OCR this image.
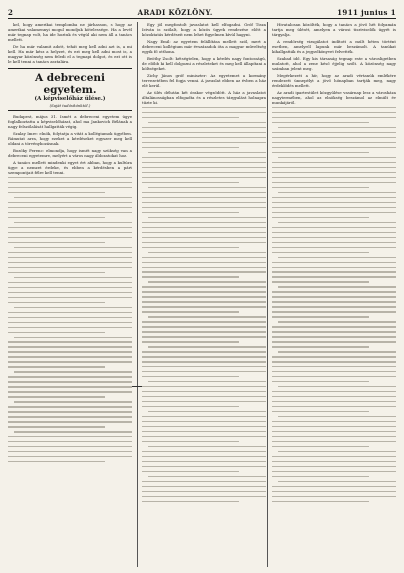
2	ARADI KÖZLÖNY.	1911 junius 1

kel, hogy amerikai templomba ne járhasson, s hogy az amerikai valamennyi mogul mondjuk kötelessége. Ha a levél már tegnap volt, ha ide hoztuk és végül aki nem áll a tanács mellett.

De ha már valamit adott, tehát meg kell adni azt is, a mi kell. Ha már kész a helyzet, és ezt meg kell adni most is, a magyar közönség nem feledi el a tegnapi dolgot, és ezt ott is le kell tenni a tanács asztalára.

A debreceni egyetem.
(A képviselőház ülése.)
(Saját tudósítónktól.)

Budapest, május 31. Ismét a debreceni egyetem ügye foglalkoztatta a képviselőházat, ahol ma Jankovich Bélának a nagy felszólalását hallgatták végig.

Szalay Imre: elnök, folytatja a vitát a kollégiumok ügyében. Rámutat arra, hogy ezeket a kérdéseket egyszer meg kell oldani a törvényhozásnak.

Bozóky Ferenc: elmondja, hogy ismét nagy szükség van a debreceni egyetemre, melyért a város nagy áldozatokat hoz.

A tanács mellett mindenki egyet ért abban, hogy a kultúra ügye a nemzet érdeke, és ebben a kérdésben a párt szempontjait félre kell tenni.

Egy jól megfontolt javaslatot kell elfogadni. Gróf Tisza István is szólalt, hogy a közös ügyek rendezése előtt a közoktatás kérdéseit nem lehet figyelmen kívül hagyni.

Nagy Emil: az egyetem felállítása mellett szól, mert a debreceni kollégium már évszázadok óta a magyar műveltség egyik fő otthona.

Beöthy Zsolt: kétségtelen, hogy a kérdés nagy fontosságú, de előbb ki kell dolgozni a részleteket és meg kell állapítani a költségeket.

Zichy János gróf miniszter: Az egyetemet a kormány tervezetében fel fogja venni. A javaslat ebben az évben a ház elé kerül.

Az ülés délután két órakor végződött. A ház a javaslatot általánosságban elfogadta és a részletes tárgyalást holnapra tűzte ki.

Hivatalosan közölték, hogy a tanács a jövő hét folyamán tartja meg ülését, amelyen a városi tisztviselők ügyét is tárgyalja.

A rendőrség vizsgálatot indított a múlt héten történt esetben, amelyről lapunk már beszámolt. A tanúkat kihallgatták és a jegyzőkönyvet felvették.

Szabad idő. Egy kis társaság tegnap este a városligetben mulatott, ahol a zene késő éjjelig szólt. A közönség nagy számban jelent meg.

Megérkezett a hír, hogy az aradi vértanúk emlékére rendezett ünnepélyt a jövő hónapban tartják meg, nagy érdeklődés mellett.

Az aradi ipartestület közgyűlése vasárnap lesz a városháza nagytermében, ahol az elnökség beszámol az elmúlt év munkájáról.
